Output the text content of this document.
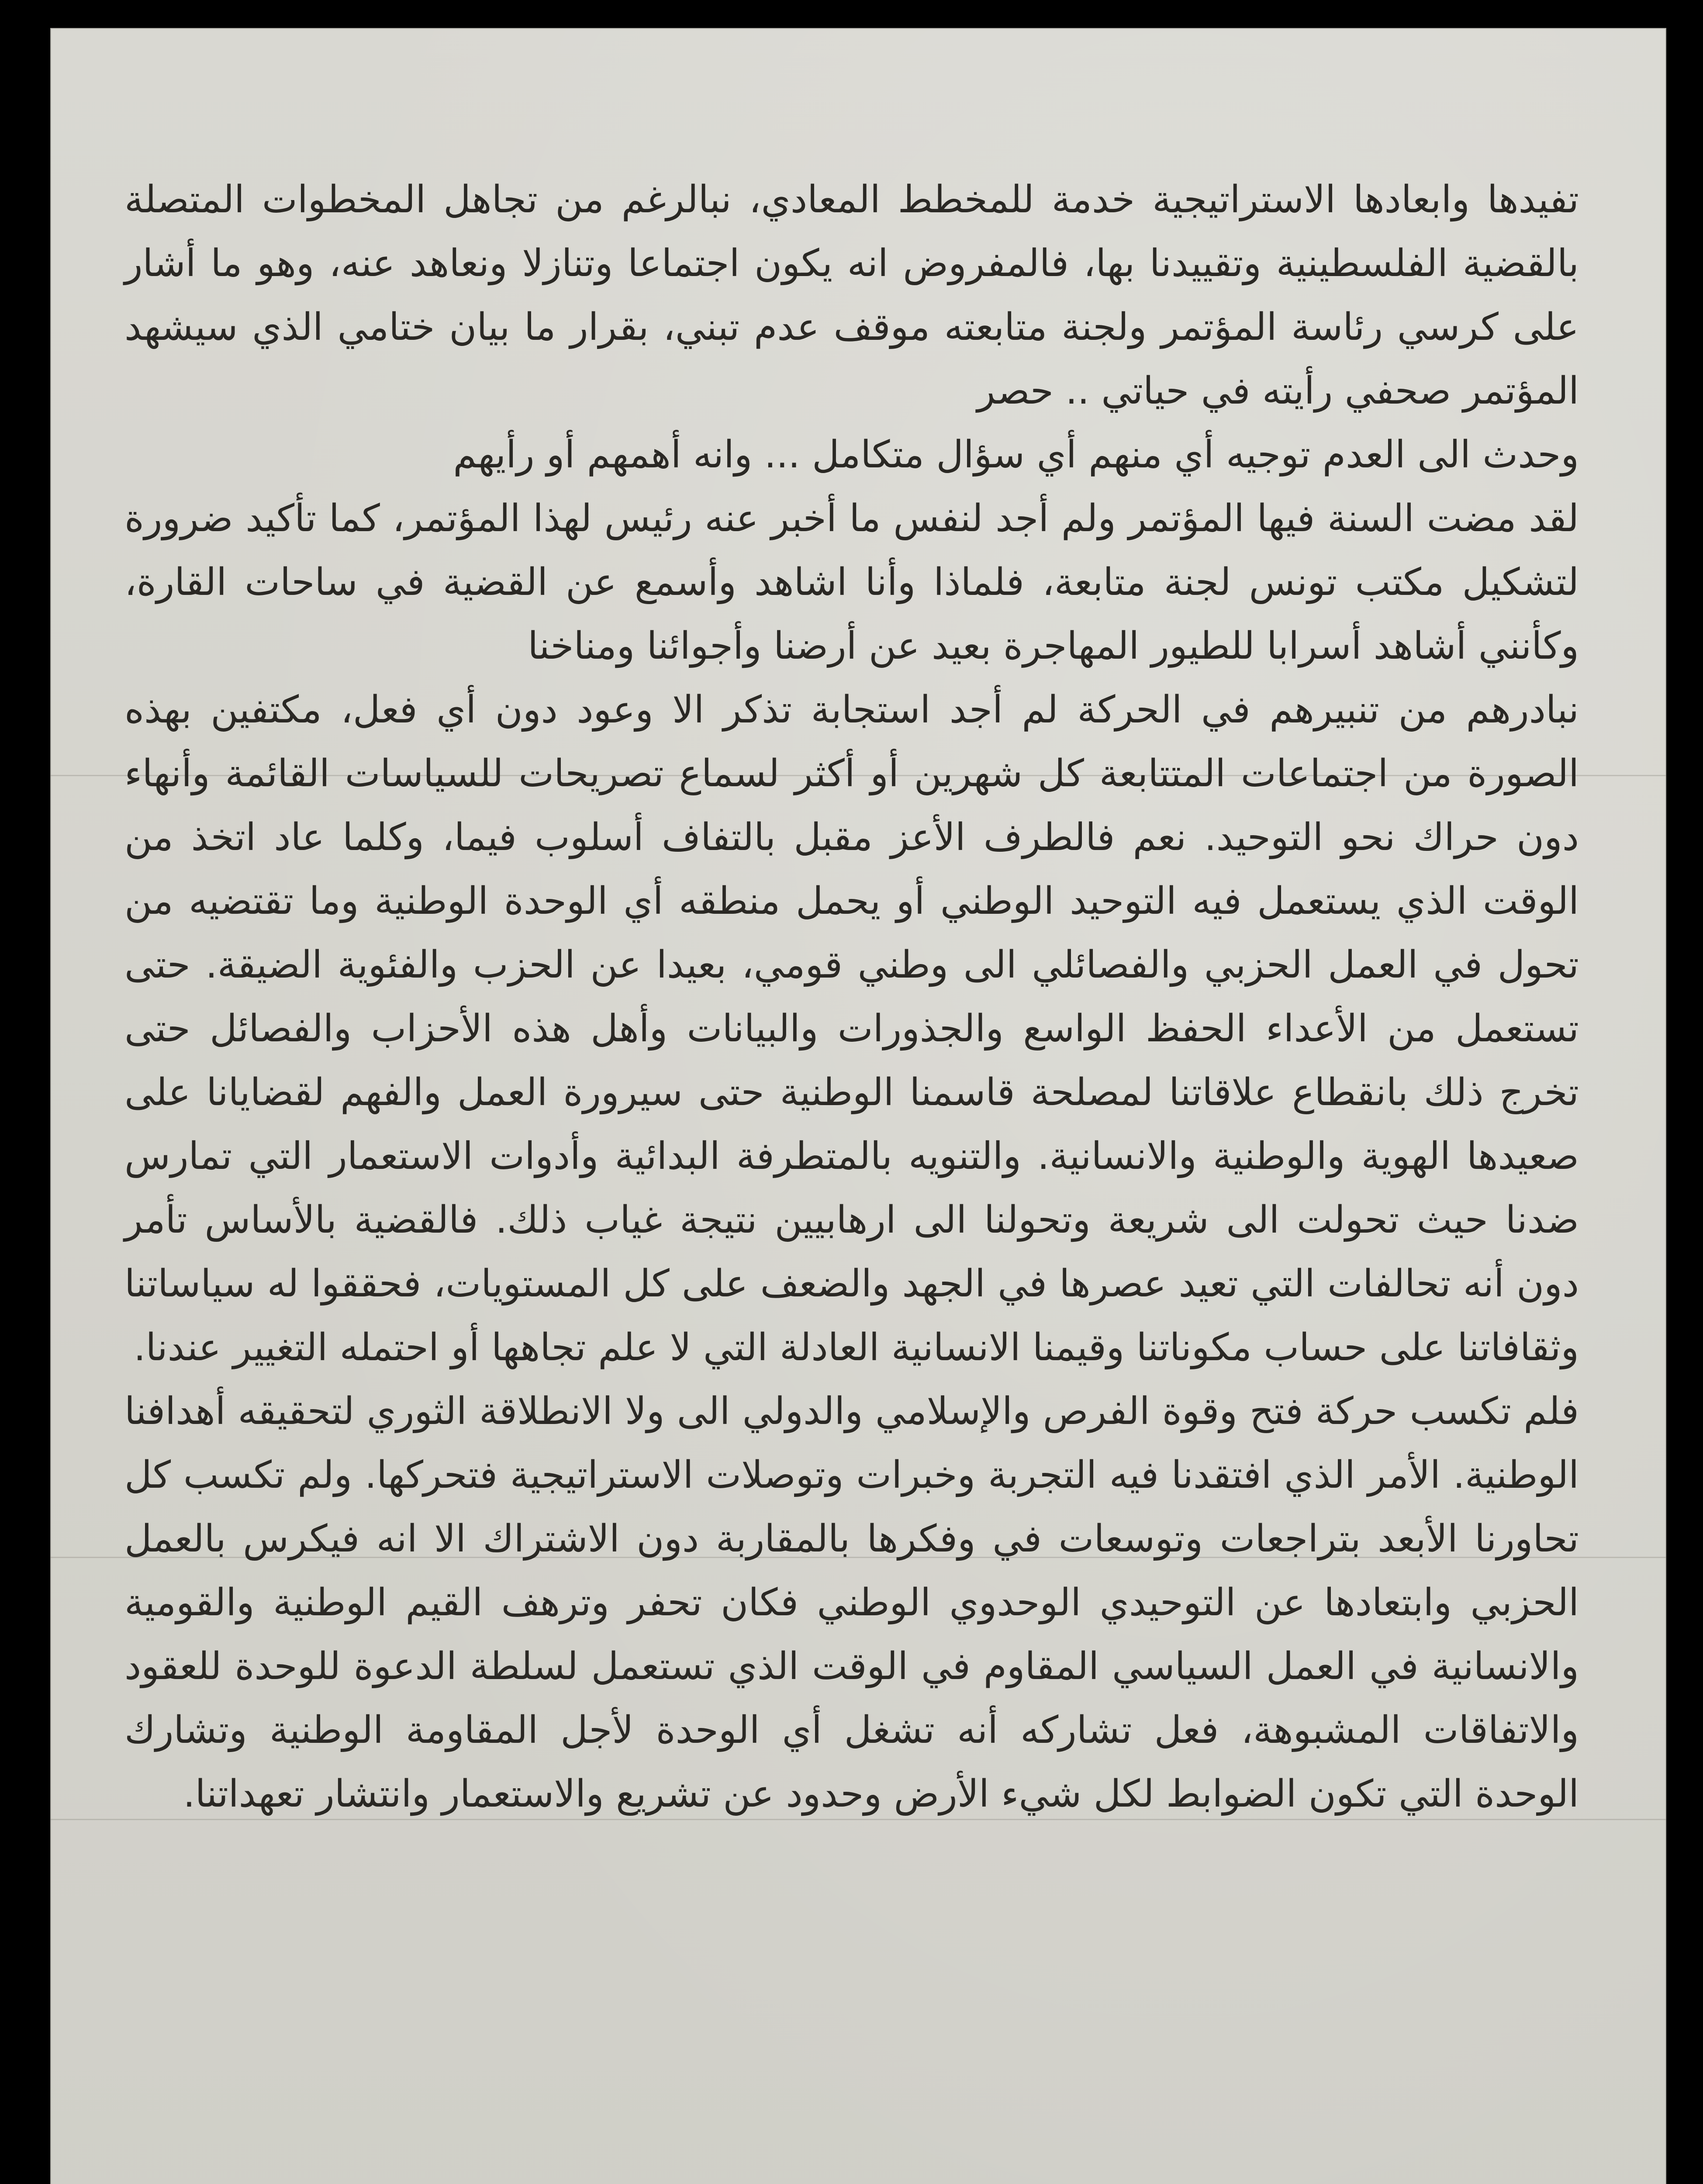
تفيدها وابعادها الاستراتيجية خدمة للمخطط المعادي، نبالرغم من تجاهل المخطوات المتصلة بالقضية الفلسطينية وتقييدنا بها، فالمفروض انه يكون اجتماعا وتنازلا ونعاهد عنه، وهو ما أشار على كرسي رئاسة المؤتمر ولجنة متابعته موقف عدم تبني، بقرار ما بيان ختامي الذي سيشهد المؤتمر صحفي رأيته في حياتي .. حصر

وحدث الى العدم توجيه أي منهم أي سؤال متكامل ... وانه أهمهم أو رأيهم

لقد مضت السنة فيها المؤتمر ولم أجد لنفس ما أخبر عنه رئيس لهذا المؤتمر، كما تأكيد ضرورة لتشكيل مكتب تونس لجنة متابعة، فلماذا وأنا اشاهد وأسمع عن القضية في ساحات القارة، وكأنني أشاهد أسرابا للطيور المهاجرة بعيد عن أرضنا وأجوائنا ومناخنا

نبادرهم من تنبيرهم في الحركة لم أجد استجابة تذكر الا وعود دون أي فعل، مكتفين بهذه الصورة من اجتماعات المتتابعة كل شهرين أو أكثر لسماع تصريحات للسياسات القائمة وأنهاء دون حراك نحو التوحيد. نعم فالطرف الأعز مقبل بالتفاف أسلوب فيما، وكلما عاد اتخذ من الوقت الذي يستعمل فيه التوحيد الوطني أو يحمل منطقه أي الوحدة الوطنية وما تقتضيه من تحول في العمل الحزبي والفصائلي الى وطني قومي، بعيدا عن الحزب والفئوية الضيقة. حتى تستعمل من الأعداء الحفظ الواسع والجذورات والبيانات وأهل هذه الأحزاب والفصائل حتى تخرج ذلك بانقطاع علاقاتنا لمصلحة قاسمنا الوطنية حتى سيرورة العمل والفهم لقضايانا على صعيدها الهوية والوطنية والانسانية. والتنويه بالمتطرفة البدائية وأدوات الاستعمار التي تمارس ضدنا حيث تحولت الى شريعة وتحولنا الى ارهابيين نتيجة غياب ذلك. فالقضية بالأساس تأمر دون أنه تحالفات التي تعيد عصرها في الجهد والضعف على كل المستويات، فحققوا له سياساتنا وثقافاتنا على حساب مكوناتنا وقيمنا الانسانية العادلة التي لا علم تجاهها أو احتمله التغيير عندنا.

فلم تكسب حركة فتح وقوة الفرص والإسلامي والدولي الى ولا الانطلاقة الثوري لتحقيقه أهدافنا الوطنية. الأمر الذي افتقدنا فيه التجربة وخبرات وتوصلات الاستراتيجية فتحركها. ولم تكسب كل تحاورنا الأبعد بتراجعات وتوسعات في وفكرها بالمقاربة دون الاشتراك الا انه فيكرس بالعمل الحزبي وابتعادها عن التوحيدي الوحدوي الوطني فكان تحفر وترهف القيم الوطنية والقومية والانسانية في العمل السياسي المقاوم في الوقت الذي تستعمل لسلطة الدعوة للوحدة للعقود والاتفاقات المشبوهة، فعل تشاركه أنه تشغل أي الوحدة لأجل المقاومة الوطنية وتشارك الوحدة التي تكون الضوابط لكل شيء الأرض وحدود عن تشريع والاستعمار وانتشار تعهداتنا.
